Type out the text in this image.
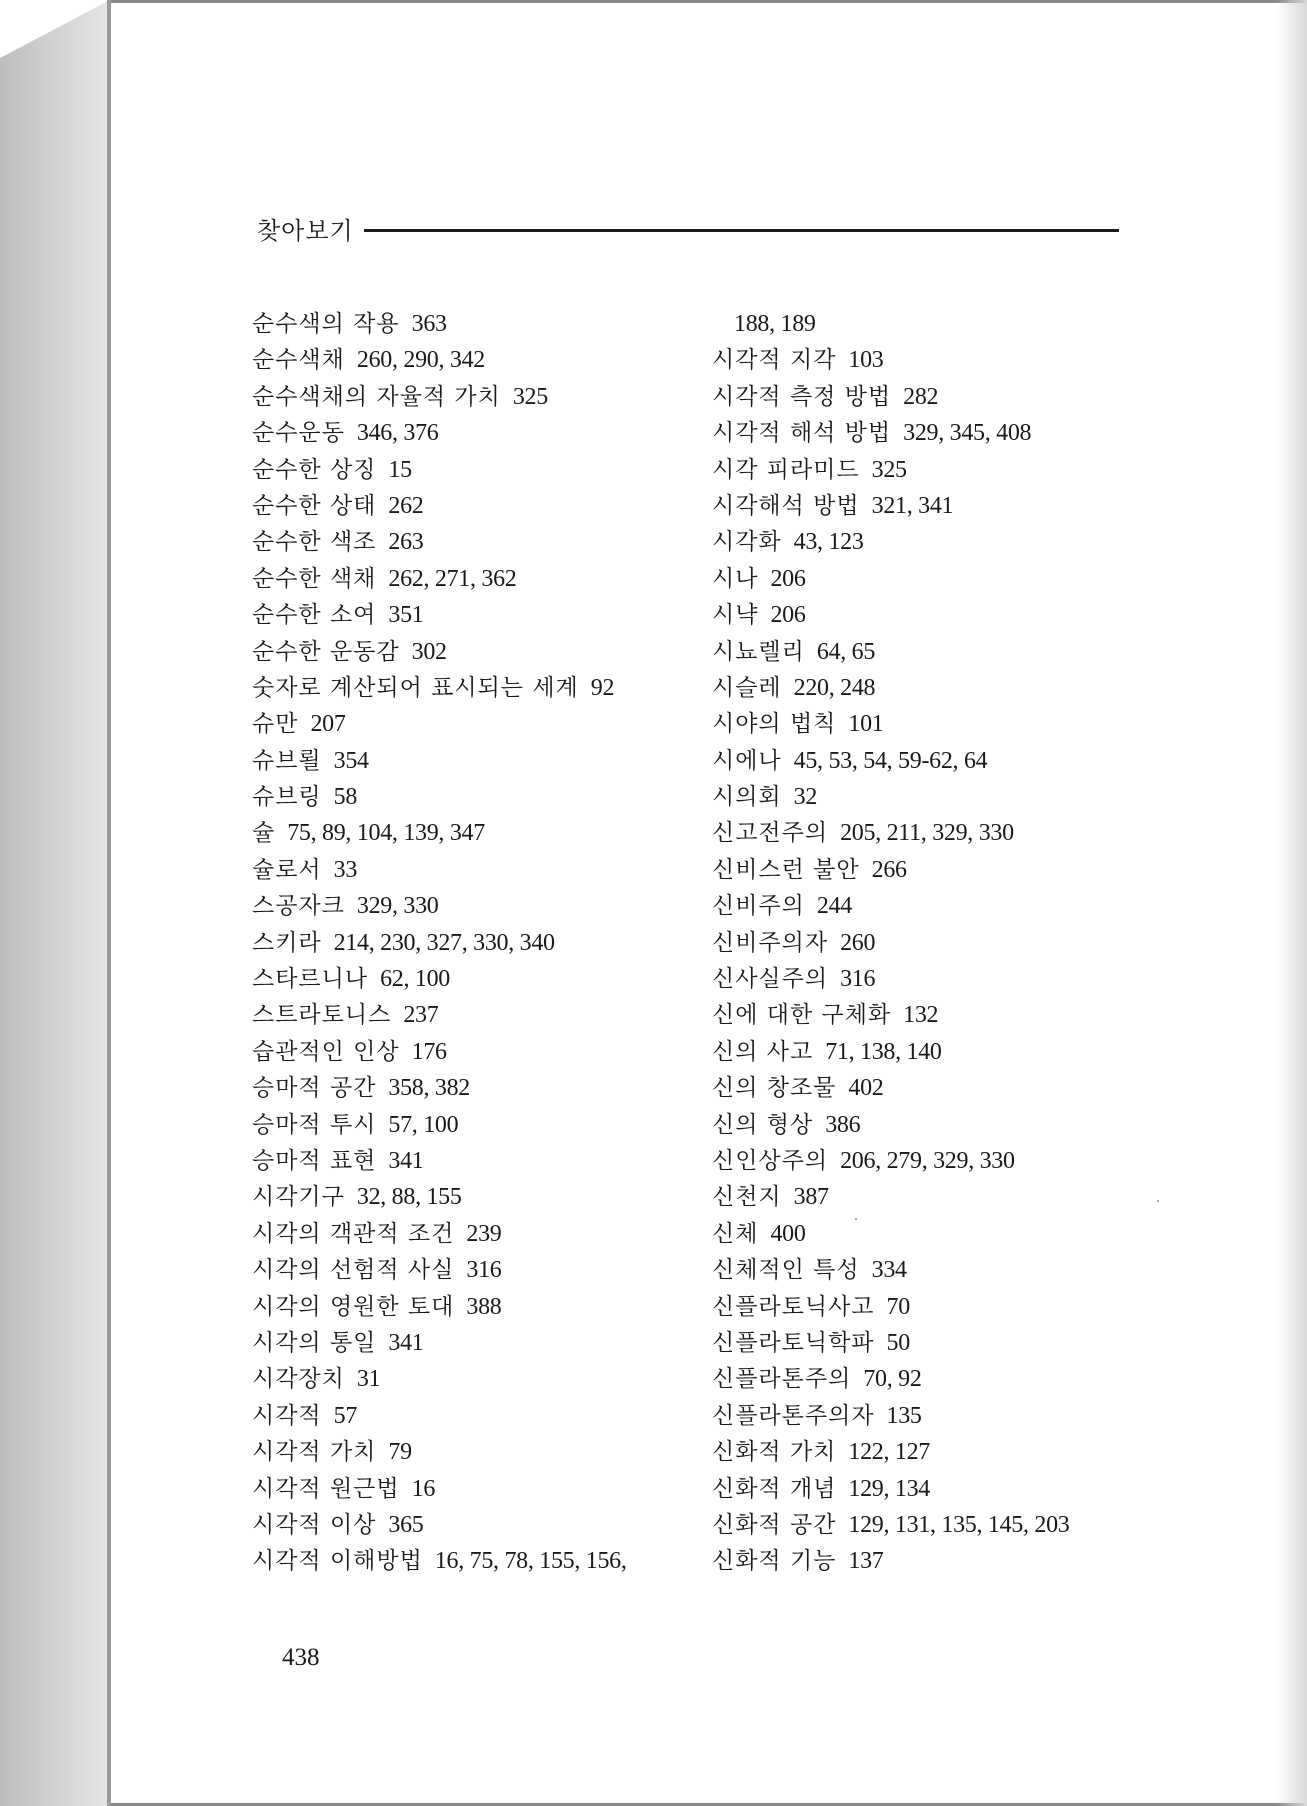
찾아보기
순수색의 작용 363
순수색채 260, 290, 342
순수색채의 자율적 가치 325
순수운동 346, 376
순수한 상징 15
순수한 상태 262
순수한 색조 263
순수한 색채 262, 271, 362
순수한 소여 351
순수한 운동감 302
숫자로 계산되어 표시되는 세계 92
슈만 207
슈브뢸 354
슈브링 58
슐 75, 89, 104, 139, 347
슐로서 33
스공자크 329, 330
스키라 214, 230, 327, 330, 340
스타르니나 62, 100
스트라토니스 237
습관적인 인상 176
승마적 공간 358, 382
승마적 투시 57, 100
승마적 표현 341
시각기구 32, 88, 155
시각의 객관적 조건 239
시각의 선험적 사실 316
시각의 영원한 토대 388
시각의 통일 341
시각장치 31
시각적 57
시각적 가치 79
시각적 원근법 16
시각적 이상 365
시각적 이해방법 16, 75, 78, 155, 156,
188, 189
시각적 지각 103
시각적 측정 방법 282
시각적 해석 방법 329, 345, 408
시각 피라미드 325
시각해석 방법 321, 341
시각화 43, 123
시나 206
시냑 206
시뇨렐리 64, 65
시슬레 220, 248
시야의 법칙 101
시에나 45, 53, 54, 59-62, 64
시의회 32
신고전주의 205, 211, 329, 330
신비스런 불안 266
신비주의 244
신비주의자 260
신사실주의 316
신에 대한 구체화 132
신의 사고 71, 138, 140
신의 창조물 402
신의 형상 386
신인상주의 206, 279, 329, 330
신천지 387
신체 400
신체적인 특성 334
신플라토닉사고 70
신플라토닉학파 50
신플라톤주의 70, 92
신플라톤주의자 135
신화적 가치 122, 127
신화적 개념 129, 134
신화적 공간 129, 131, 135, 145, 203
신화적 기능 137
438
